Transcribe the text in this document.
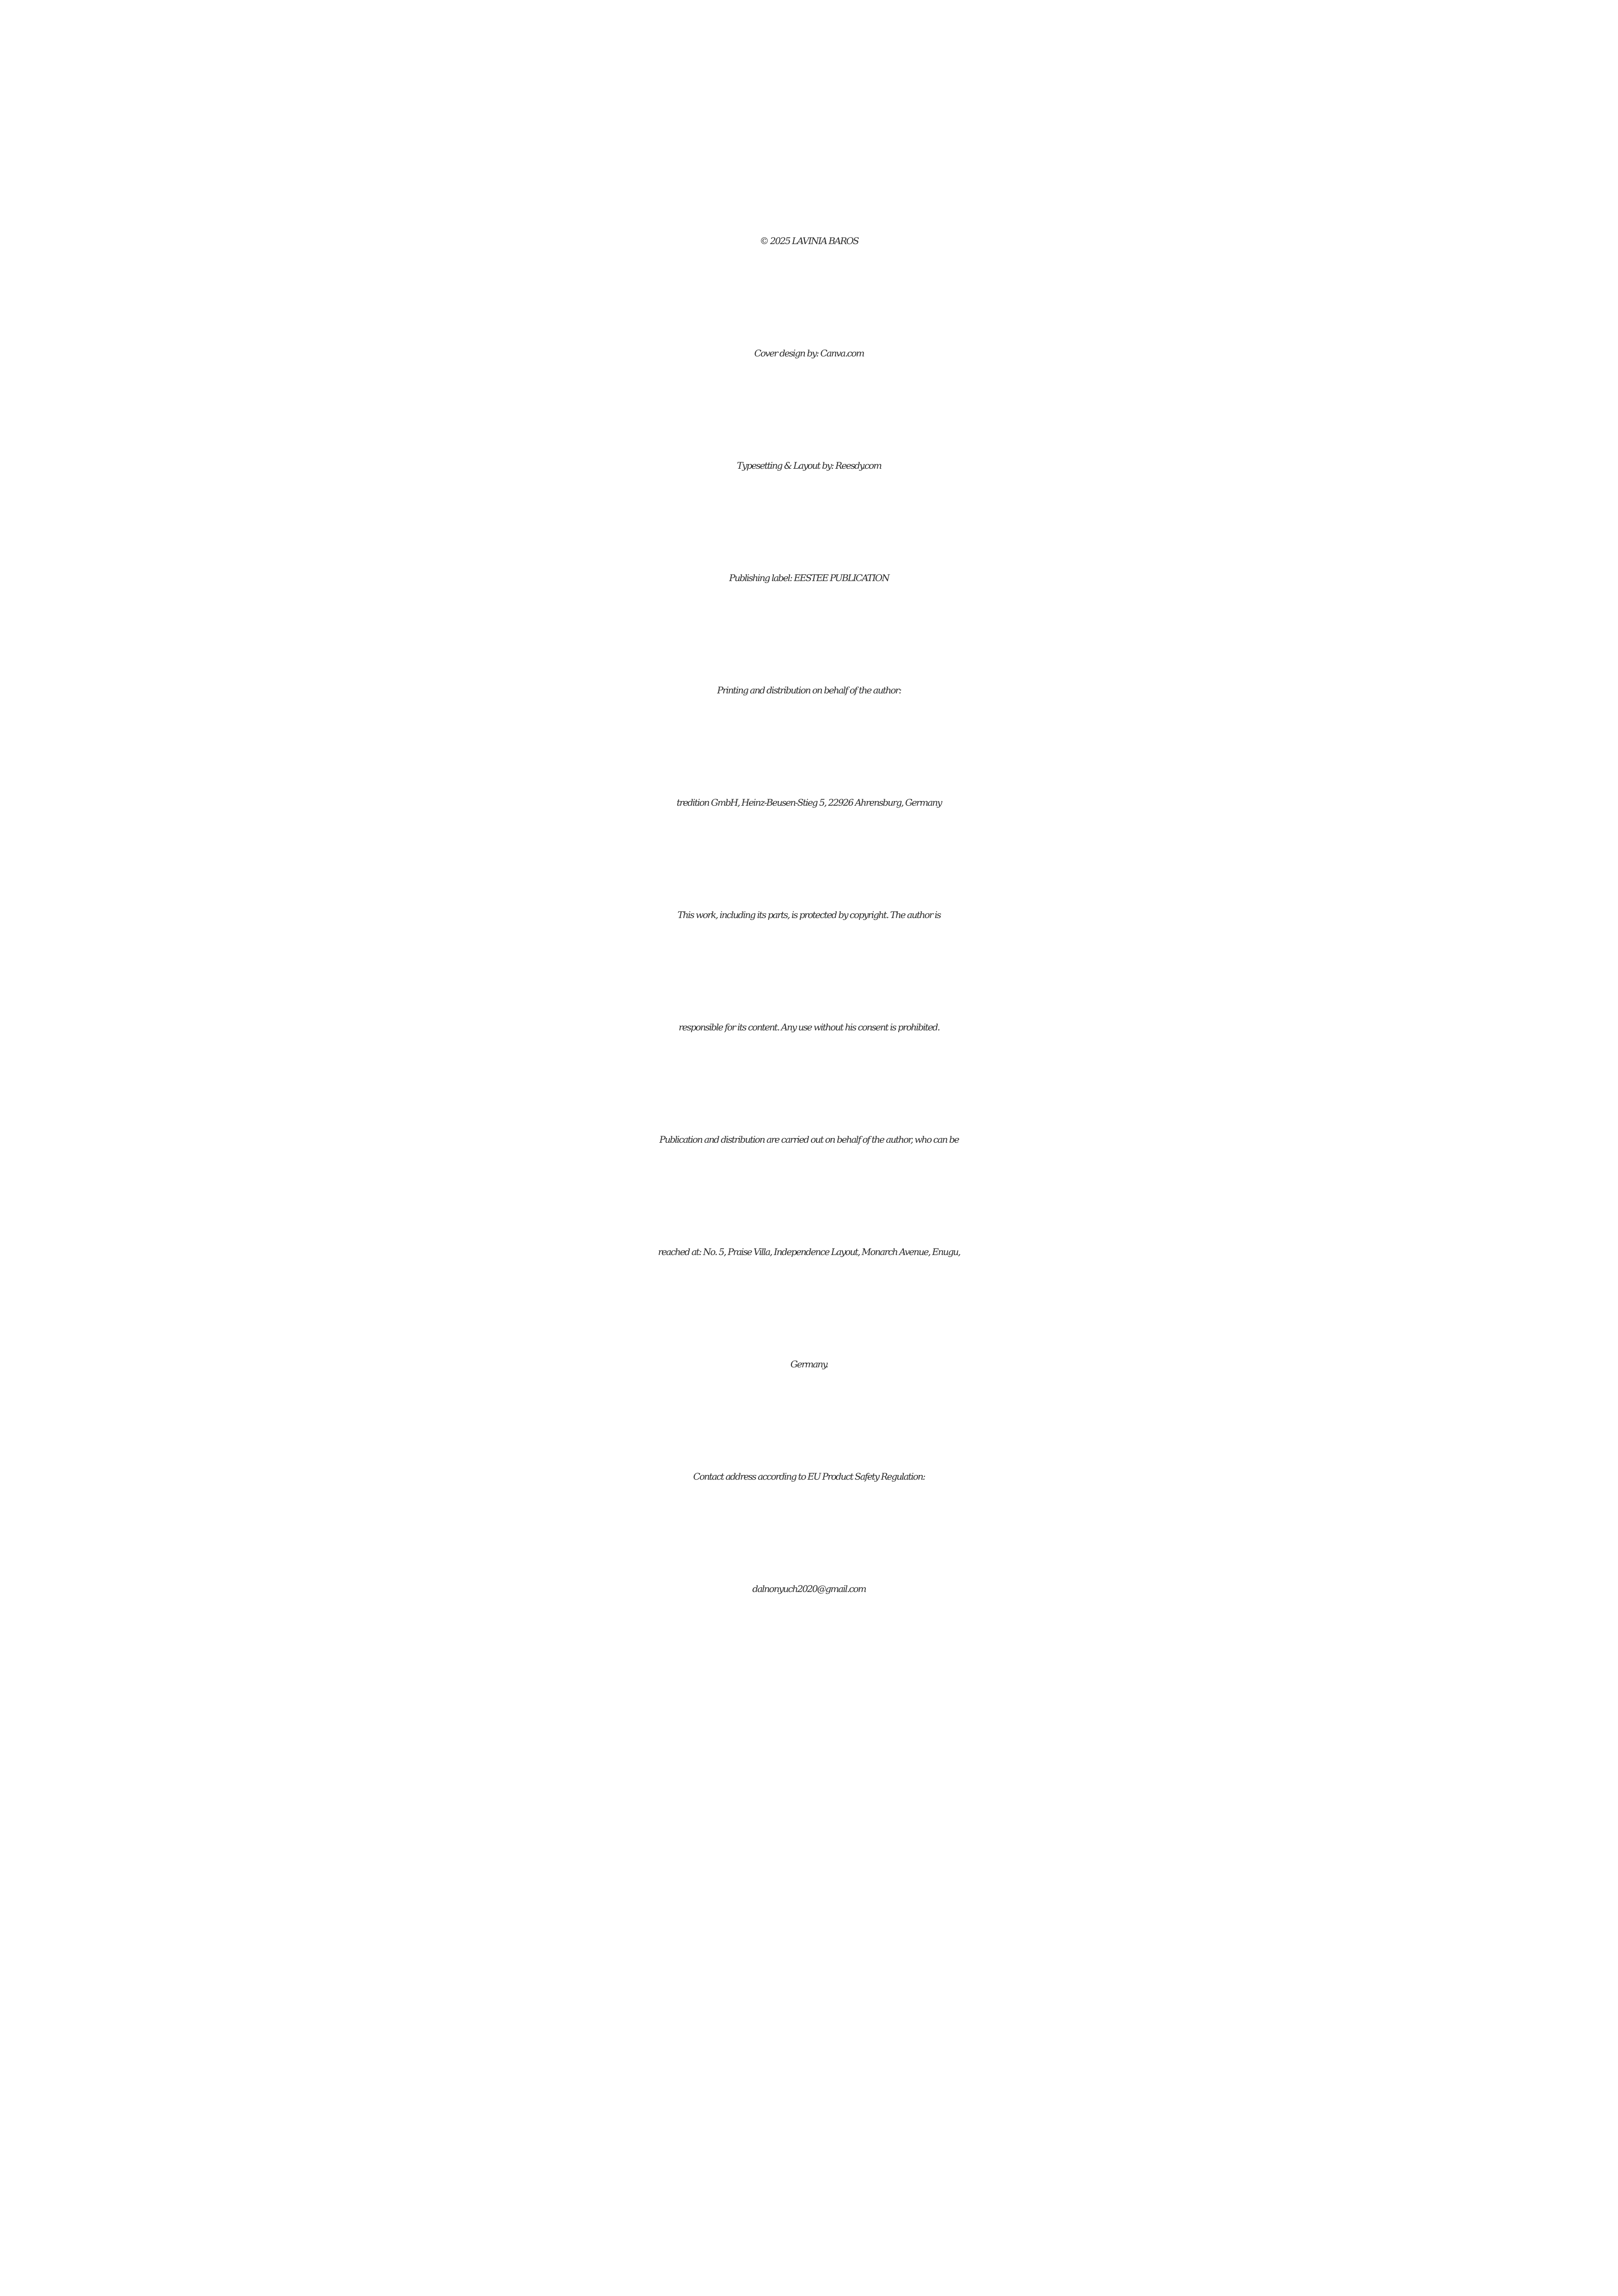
© 2025 LAVINIA BAROS

Cover design by: Canva.com

Typesetting & Layout by: Reesdy.com

Publishing label: EESTEE PUBLICATION

Printing and distribution on behalf of the author:

tredition GmbH, Heinz-Beusen-Stieg 5, 22926 Ahrensburg, Germany

This work, including its parts, is protected by copyright. The author is

responsible for its content. Any use without his consent is prohibited.

Publication and distribution are carried out on behalf of the author, who can be

reached at: No. 5, Praise Villa, Independence Layout, Monarch Avenue, Enugu,

Germany.

Contact address according to EU Product Safety Regulation:

dalnonyuch2020@gmail.com
